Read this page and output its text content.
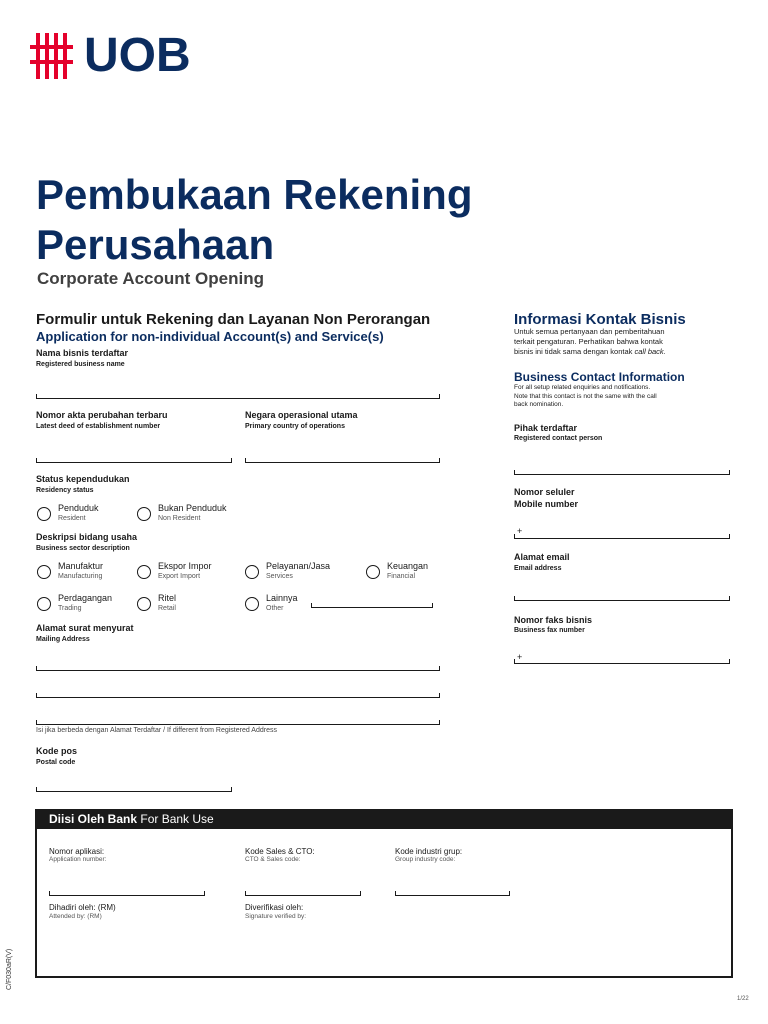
UOB
Pembukaan Rekening
Perusahaan
Corporate Account Opening
Formulir untuk Rekening dan Layanan Non Perorangan
Application for non-individual Account(s) and Service(s)
Nama bisnis terdaftar
Registered business name
Nomor akta perubahan terbaru
Latest deed of establishment number
Negara operasional utama
Primary country of operations
Status kependudukan
Residency status
Penduduk
Resident
Bukan Penduduk
Non Resident
Deskripsi bidang usaha
Business sector description
Manufaktur
Manufacturing
Ekspor Impor
Export Import
Pelayanan/Jasa
Services
Keuangan
Financial
Perdagangan
Trading
Ritel
Retail
Lainnya
Other
Alamat surat menyurat
Mailing Address
Isi jika berbeda dengan Alamat Terdaftar / If different from Registered Address
Kode pos
Postal code
Informasi Kontak Bisnis
Untuk semua pertanyaan dan pemberitahuan
terkait pengaturan. Perhatikan bahwa kontak
bisnis ini tidak sama dengan kontak call back.
Business Contact Information
For all setup related enquiries and notifications.
Note that this contact is not the same with the call
back nomination.
Pihak terdaftar
Registered contact person
Nomor seluler
Mobile number
+
Alamat email
Email address
Nomor faks bisnis
Business fax number
+
Diisi Oleh Bank For Bank Use
Nomor aplikasi:
Application number:
Kode Sales & CTO:
CTO & Sales code:
Kode industri grup:
Group industry code:
Dihadiri oleh: (RM)
Attended by: (RM)
Diverifikasi oleh:
Signature verified by:
C/F030aR(V)
1/22
